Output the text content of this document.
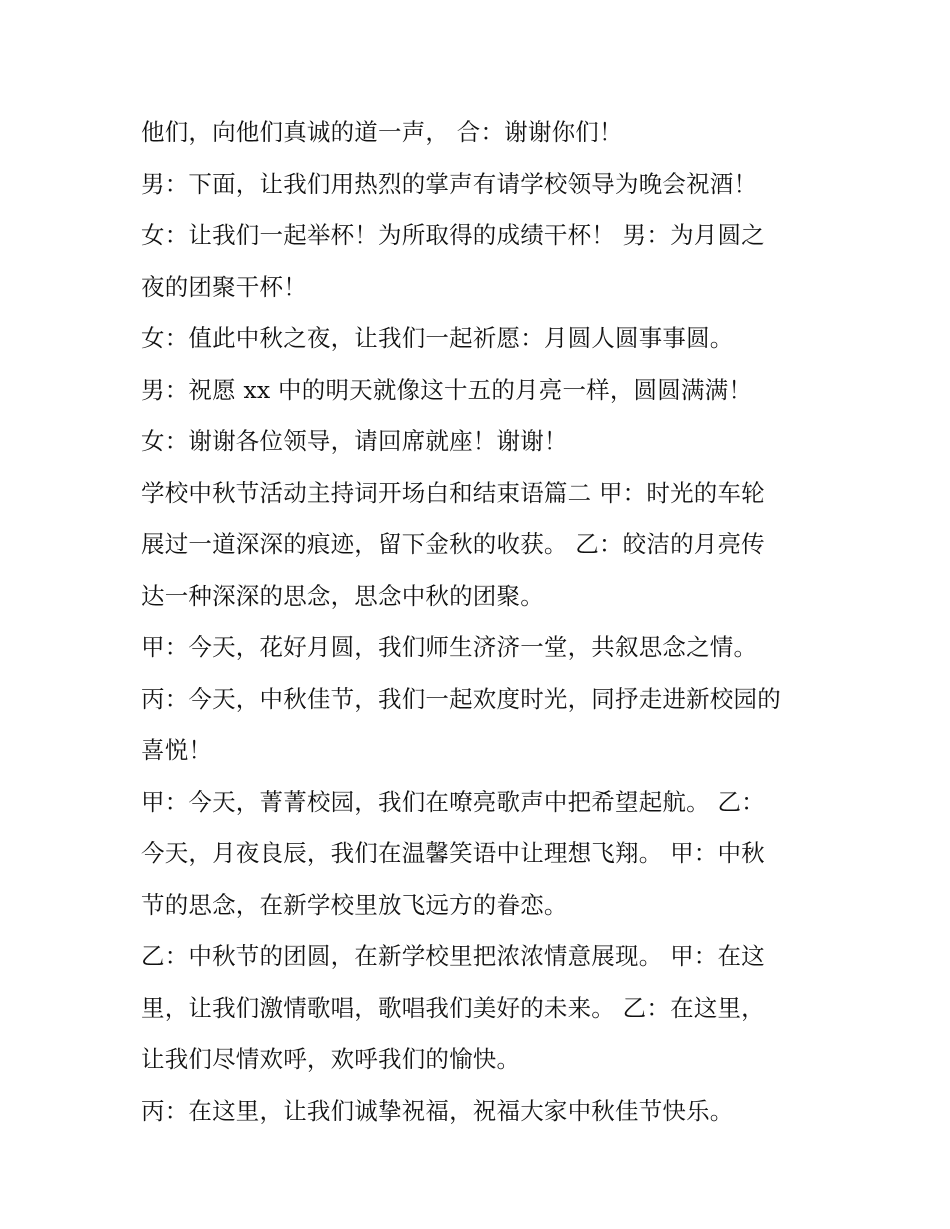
他们，向他们真诚的道一声， 合：谢谢你们！
男：下面，让我们用热烈的掌声有请学校领导为晚会祝酒！
女：让我们一起举杯！为所取得的成绩干杯！ 男：为月圆之
夜的团聚干杯！
女：值此中秋之夜，让我们一起祈愿：月圆人圆事事圆。
男：祝愿 xx 中的明天就像这十五的月亮一样，圆圆满满！
女：谢谢各位领导，请回席就座！谢谢！
学校中秋节活动主持词开场白和结束语篇二 甲：时光的车轮
展过一道深深的痕迹，留下金秋的收获。 乙：皎洁的月亮传
达一种深深的思念，思念中秋的团聚。
甲：今天，花好月圆，我们师生济济一堂，共叙思念之情。
丙：今天，中秋佳节，我们一起欢度时光，同抒走进新校园的
喜悦！
甲：今天，菁菁校园，我们在嘹亮歌声中把希望起航。 乙：
今天，月夜良辰，我们在温馨笑语中让理想飞翔。 甲：中秋
节的思念，在新学校里放飞远方的眷恋。
乙：中秋节的团圆，在新学校里把浓浓情意展现。 甲：在这
里，让我们激情歌唱，歌唱我们美好的未来。 乙：在这里，
让我们尽情欢呼，欢呼我们的愉快。
丙：在这里，让我们诚挚祝福，祝福大家中秋佳节快乐。
